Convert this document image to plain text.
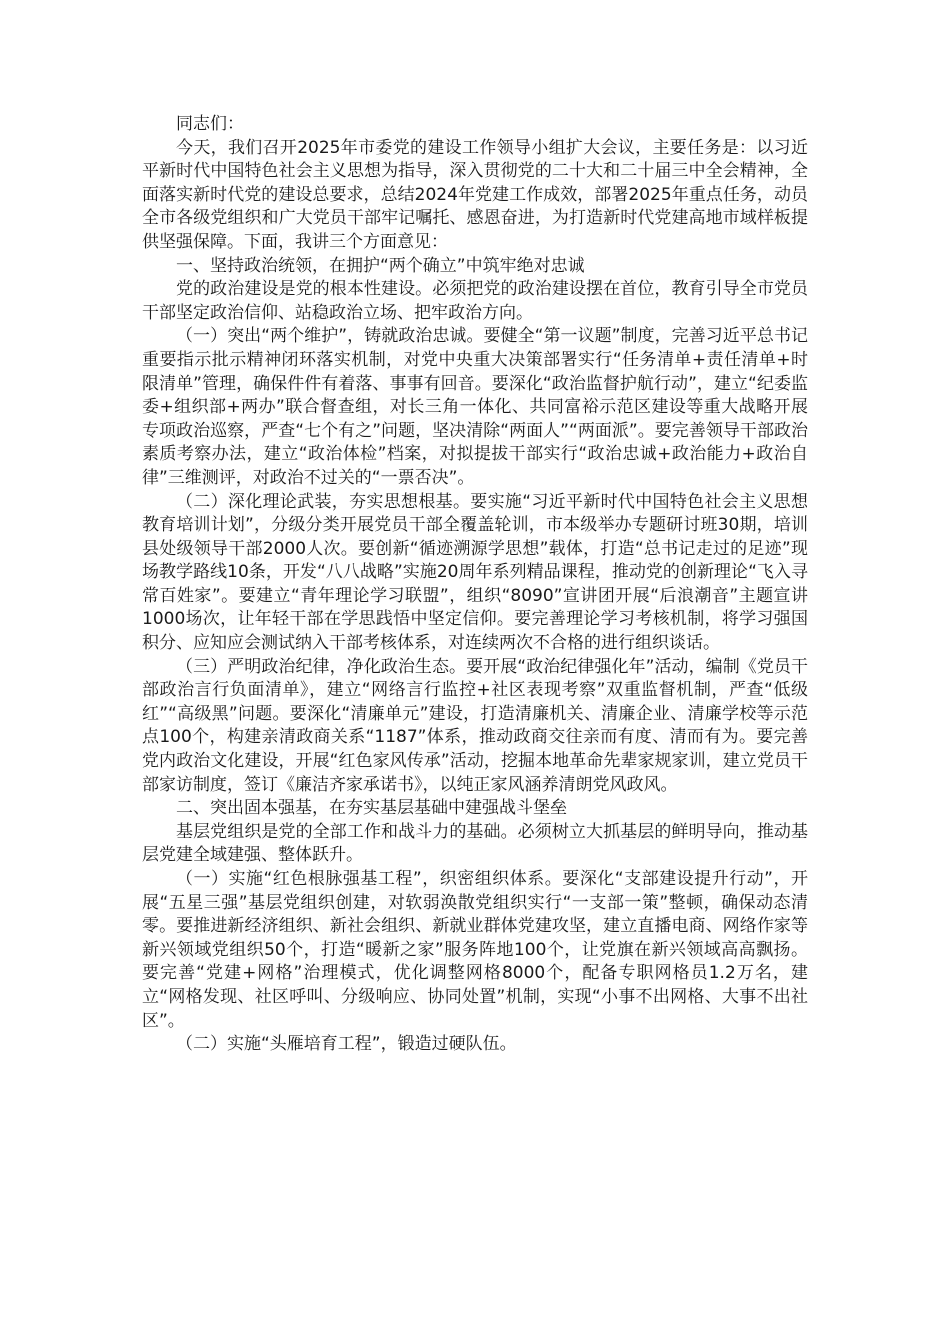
同志们：

今天，我们召开2025年市委党的建设工作领导小组扩大会议，主要任务是：以习近平新时代中国特色社会主义思想为指导，深入贯彻党的二十大和二十届三中全会精神，全面落实新时代党的建设总要求，总结2024年党建工作成效，部署2025年重点任务，动员全市各级党组织和广大党员干部牢记嘱托、感恩奋进，为打造新时代党建高地市域样板提供坚强保障。下面，我讲三个方面意见：

一、坚持政治统领，在拥护“两个确立”中筑牢绝对忠诚

党的政治建设是党的根本性建设。必须把党的政治建设摆在首位，教育引导全市党员干部坚定政治信仰、站稳政治立场、把牢政治方向。

（一）突出“两个维护”，铸就政治忠诚。要健全“第一议题”制度，完善习近平总书记重要指示批示精神闭环落实机制，对党中央重大决策部署实行“任务清单+责任清单+时限清单”管理，确保件件有着落、事事有回音。要深化“政治监督护航行动”，建立“纪委监委+组织部+两办”联合督查组，对长三角一体化、共同富裕示范区建设等重大战略开展专项政治巡察，严查“七个有之”问题，坚决清除“两面人”“两面派”。要完善领导干部政治素质考察办法，建立“政治体检”档案，对拟提拔干部实行“政治忠诚+政治能力+政治自律”三维测评，对政治不过关的“一票否决”。

（二）深化理论武装，夯实思想根基。要实施“习近平新时代中国特色社会主义思想教育培训计划”，分级分类开展党员干部全覆盖轮训，市本级举办专题研讨班30期，培训县处级领导干部2000人次。要创新“循迹溯源学思想”载体，打造“总书记走过的足迹”现场教学路线10条，开发“八八战略”实施20周年系列精品课程，推动党的创新理论“飞入寻常百姓家”。要建立“青年理论学习联盟”，组织“8090”宣讲团开展“后浪潮音”主题宣讲1000场次，让年轻干部在学思践悟中坚定信仰。要完善理论学习考核机制，将学习强国积分、应知应会测试纳入干部考核体系，对连续两次不合格的进行组织谈话。

（三）严明政治纪律，净化政治生态。要开展“政治纪律强化年”活动，编制《党员干部政治言行负面清单》，建立“网络言行监控+社区表现考察”双重监督机制，严查“低级红”“高级黑”问题。要深化“清廉单元”建设，打造清廉机关、清廉企业、清廉学校等示范点100个，构建亲清政商关系“1187”体系，推动政商交往亲而有度、清而有为。要完善党内政治文化建设，开展“红色家风传承”活动，挖掘本地革命先辈家规家训，建立党员干部家访制度，签订《廉洁齐家承诺书》，以纯正家风涵养清朗党风政风。

二、突出固本强基，在夯实基层基础中建强战斗堡垒

基层党组织是党的全部工作和战斗力的基础。必须树立大抓基层的鲜明导向，推动基层党建全域建强、整体跃升。

（一）实施“红色根脉强基工程”，织密组织体系。要深化“支部建设提升行动”，开展“五星三强”基层党组织创建，对软弱涣散党组织实行“一支部一策”整顿，确保动态清零。要推进新经济组织、新社会组织、新就业群体党建攻坚，建立直播电商、网络作家等新兴领域党组织50个，打造“暖新之家”服务阵地100个，让党旗在新兴领域高高飘扬。要完善“党建+网格”治理模式，优化调整网格8000个，配备专职网格员1.2万名，建立“网格发现、社区呼叫、分级响应、协同处置”机制，实现“小事不出网格、大事不出社区”。

（二）实施“头雁培育工程”，锻造过硬队伍。
